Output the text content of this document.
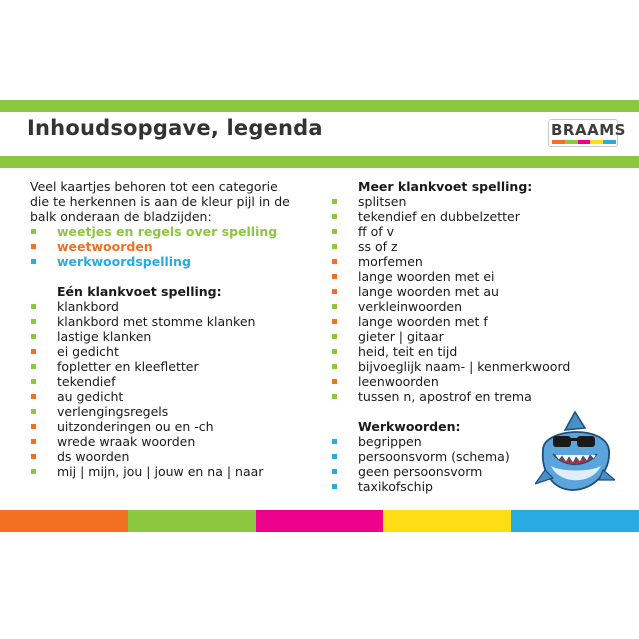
Inhoudsopgave, legenda	BRAAMS
Veel kaartjes behoren tot een categorie
die te herkennen is aan de kleur pijl in de
balk onderaan de bladzijden:
weetjes en regels over spelling
weetwoorden
werkwoordspelling
Eén klankvoet spelling:
klankbord
klankbord met stomme klanken
lastige klanken
ei gedicht
fopletter en kleefletter
tekendief
au gedicht
verlengingsregels
uitzonderingen ou en -ch
wrede wraak woorden
ds woorden
mij | mijn, jou | jouw en na | naar
Meer klankvoet spelling:
splitsen
tekendief en dubbelzetter
ff of v
ss of z
morfemen
lange woorden met ei
lange woorden met au
verkleinwoorden
lange woorden met f
gieter | gitaar
heid, teit en tijd
bijvoeglijk naam- | kenmerkwoord
leenwoorden
tussen n, apostrof en trema
Werkwoorden:
begrippen
persoonsvorm (schema)
geen persoonsvorm
taxikofschip
